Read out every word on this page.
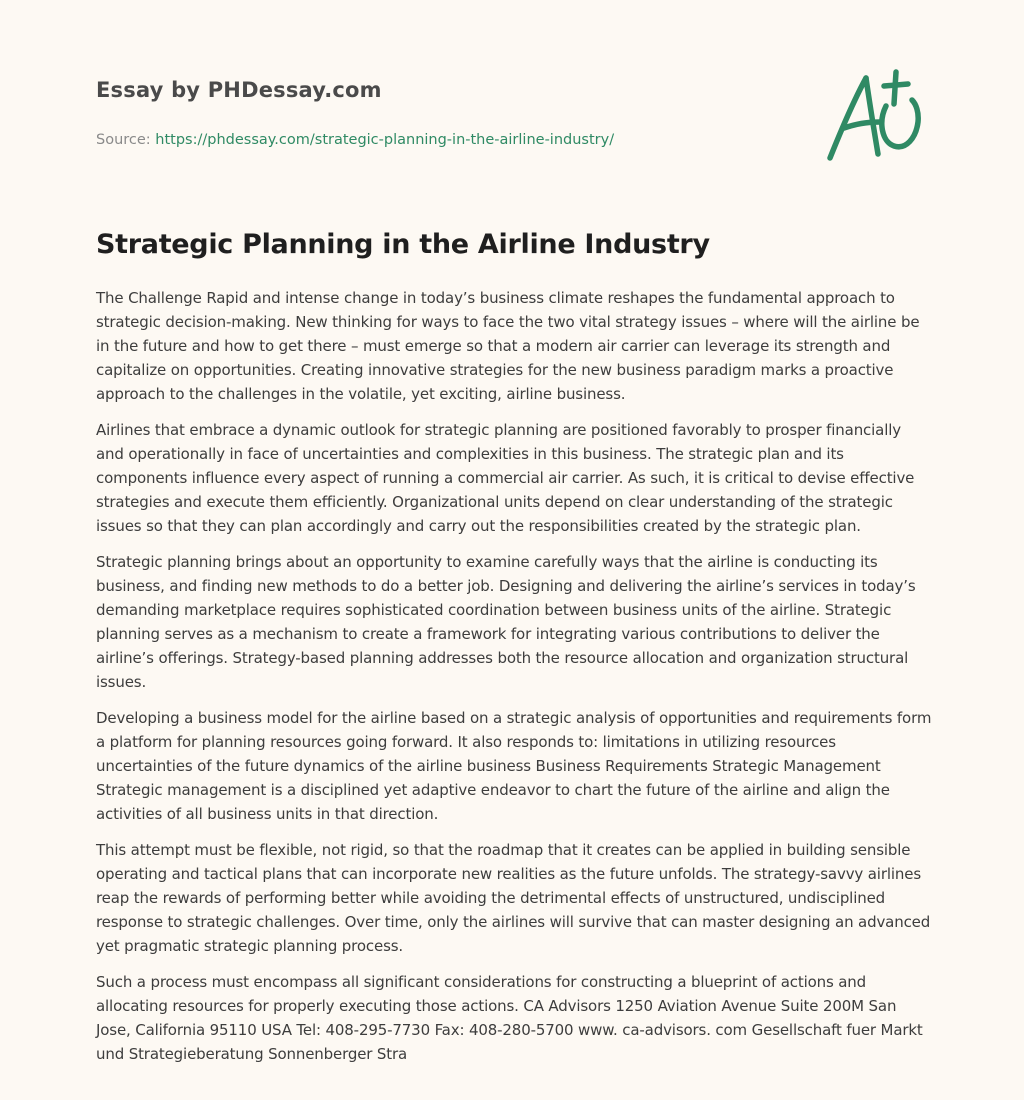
Essay by PHDessay.com
Source: https://phdessay.com/strategic-planning-in-the-airline-industry/
Strategic Planning in the Airline Industry

The Challenge Rapid and intense change in today’s business climate reshapes the fundamental approach to strategic decision-making. New thinking for ways to face the two vital strategy issues – where will the airline be in the future and how to get there – must emerge so that a modern air carrier can leverage its strength and capitalize on opportunities. Creating innovative strategies for the new business paradigm marks a proactive approach to the challenges in the volatile, yet exciting, airline business.

Airlines that embrace a dynamic outlook for strategic planning are positioned favorably to prosper financially and operationally in face of uncertainties and complexities in this business. The strategic plan and its components influence every aspect of running a commercial air carrier. As such, it is critical to devise effective strategies and execute them efficiently. Organizational units depend on clear understanding of the strategic issues so that they can plan accordingly and carry out the responsibilities created by the strategic plan.

Strategic planning brings about an opportunity to examine carefully ways that the airline is conducting its business, and finding new methods to do a better job. Designing and delivering the airline’s services in today’s demanding marketplace requires sophisticated coordination between business units of the airline. Strategic planning serves as a mechanism to create a framework for integrating various contributions to deliver the airline’s offerings. Strategy-based planning addresses both the resource allocation and organization structural issues.

Developing a business model for the airline based on a strategic analysis of opportunities and requirements form a platform for planning resources going forward. It also responds to: limitations in utilizing resources uncertainties of the future dynamics of the airline business Business Requirements Strategic Management Strategic management is a disciplined yet adaptive endeavor to chart the future of the airline and align the activities of all business units in that direction.

This attempt must be flexible, not rigid, so that the roadmap that it creates can be applied in building sensible operating and tactical plans that can incorporate new realities as the future unfolds. The strategy-savvy airlines reap the rewards of performing better while avoiding the detrimental effects of unstructured, undisciplined response to strategic challenges. Over time, only the airlines will survive that can master designing an advanced yet pragmatic strategic planning process.

Such a process must encompass all significant considerations for constructing a blueprint of actions and allocating resources for properly executing those actions. CA Advisors 1250 Aviation Avenue Suite 200M San Jose, California 95110 USA Tel: 408-295-7730 Fax: 408-280-5700 www. ca-advisors. com Gesellschaft fuer Markt und Strategieberatung Sonnenberger Stra
